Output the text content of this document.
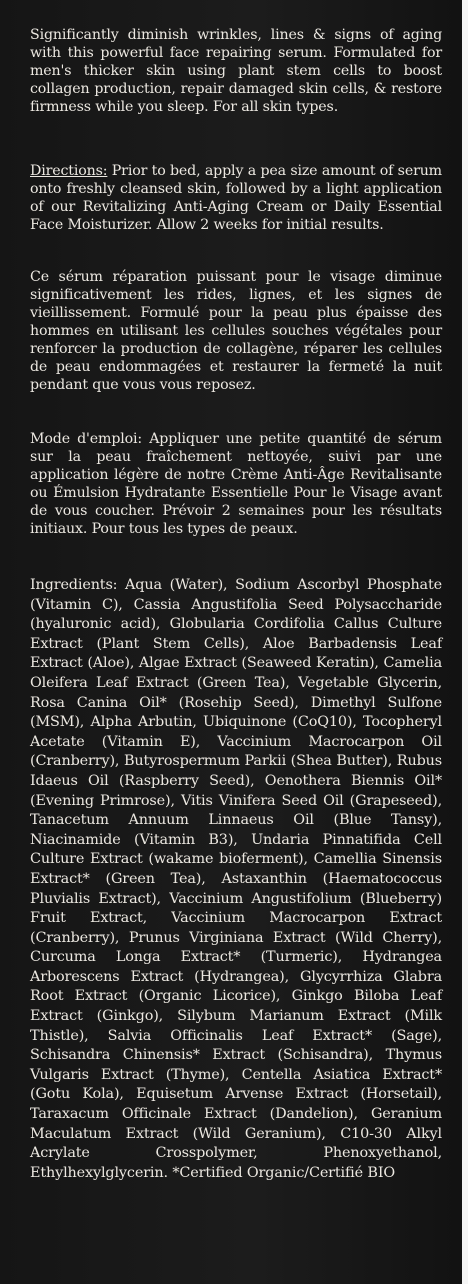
Significantly diminish wrinkles, lines & signs of aging with this powerful face repairing serum. Formulated for men's thicker skin using plant stem cells to boost collagen production, repair damaged skin cells, & restore firmness while you sleep. For all skin types.

Directions: Prior to bed, apply a pea size amount of serum onto freshly cleansed skin, followed by a light application of our Revitalizing Anti-Aging Cream or Daily Essential Face Moisturizer. Allow 2 weeks for initial results.

Ce sérum réparation puissant pour le visage diminue significativement les rides, lignes, et les signes de vieillissement. Formulé pour la peau plus épaisse des hommes en utilisant les cellules souches végétales pour renforcer la production de collagène, réparer les cellules de peau endommagées et restaurer la fermeté la nuit pendant que vous vous reposez.

Mode d'emploi: Appliquer une petite quantité de sérum sur la peau fraîchement nettoyée, suivi par une application légère de notre Crème Anti-Âge Revitalisante ou Émulsion Hydratante Essentielle Pour le Visage avant de vous coucher. Prévoir 2 semaines pour les résultats initiaux. Pour tous les types de peaux.

Ingredients: Aqua (Water), Sodium Ascorbyl Phosphate (Vitamin C), Cassia Angustifolia Seed Polysaccharide (hyaluronic acid), Globularia Cordifolia Callus Culture Extract (Plant Stem Cells), Aloe Barbadensis Leaf Extract (Aloe), Algae Extract (Seaweed Keratin), Camelia Oleifera Leaf Extract (Green Tea), Vegetable Glycerin, Rosa Canina Oil* (Rosehip Seed), Dimethyl Sulfone (MSM), Alpha Arbutin, Ubiquinone (CoQ10), Tocopheryl Acetate (Vitamin E), Vaccinium Macrocarpon Oil (Cranberry), Butyrospermum Parkii (Shea Butter), Rubus Idaeus Oil (Raspberry Seed), Oenothera Biennis Oil* (Evening Primrose), Vitis Vinifera Seed Oil (Grapeseed), Tanacetum Annuum Linnaeus Oil (Blue Tansy), Niacinamide (Vitamin B3), Undaria Pinnatifida Cell Culture Extract (wakame bioferment), Camellia Sinensis Extract* (Green Tea), Astaxanthin (Haematococcus Pluvialis Extract), Vaccinium Angustifolium (Blueberry) Fruit Extract, Vaccinium Macrocarpon Extract (Cranberry), Prunus Virginiana Extract (Wild Cherry), Curcuma Longa Extract* (Turmeric), Hydrangea Arborescens Extract (Hydrangea), Glycyrrhiza Glabra Root Extract (Organic Licorice), Ginkgo Biloba Leaf Extract (Ginkgo), Silybum Marianum Extract (Milk Thistle), Salvia Officinalis Leaf Extract* (Sage), Schisandra Chinensis* Extract (Schisandra), Thymus Vulgaris Extract (Thyme), Centella Asiatica Extract* (Gotu Kola), Equisetum Arvense Extract (Horsetail), Taraxacum Officinale Extract (Dandelion), Geranium Maculatum Extract (Wild Geranium), C10-30 Alkyl Acrylate Crosspolymer, Phenoxyethanol, Ethylhexylglycerin. *Certified Organic/Certifié BIO
